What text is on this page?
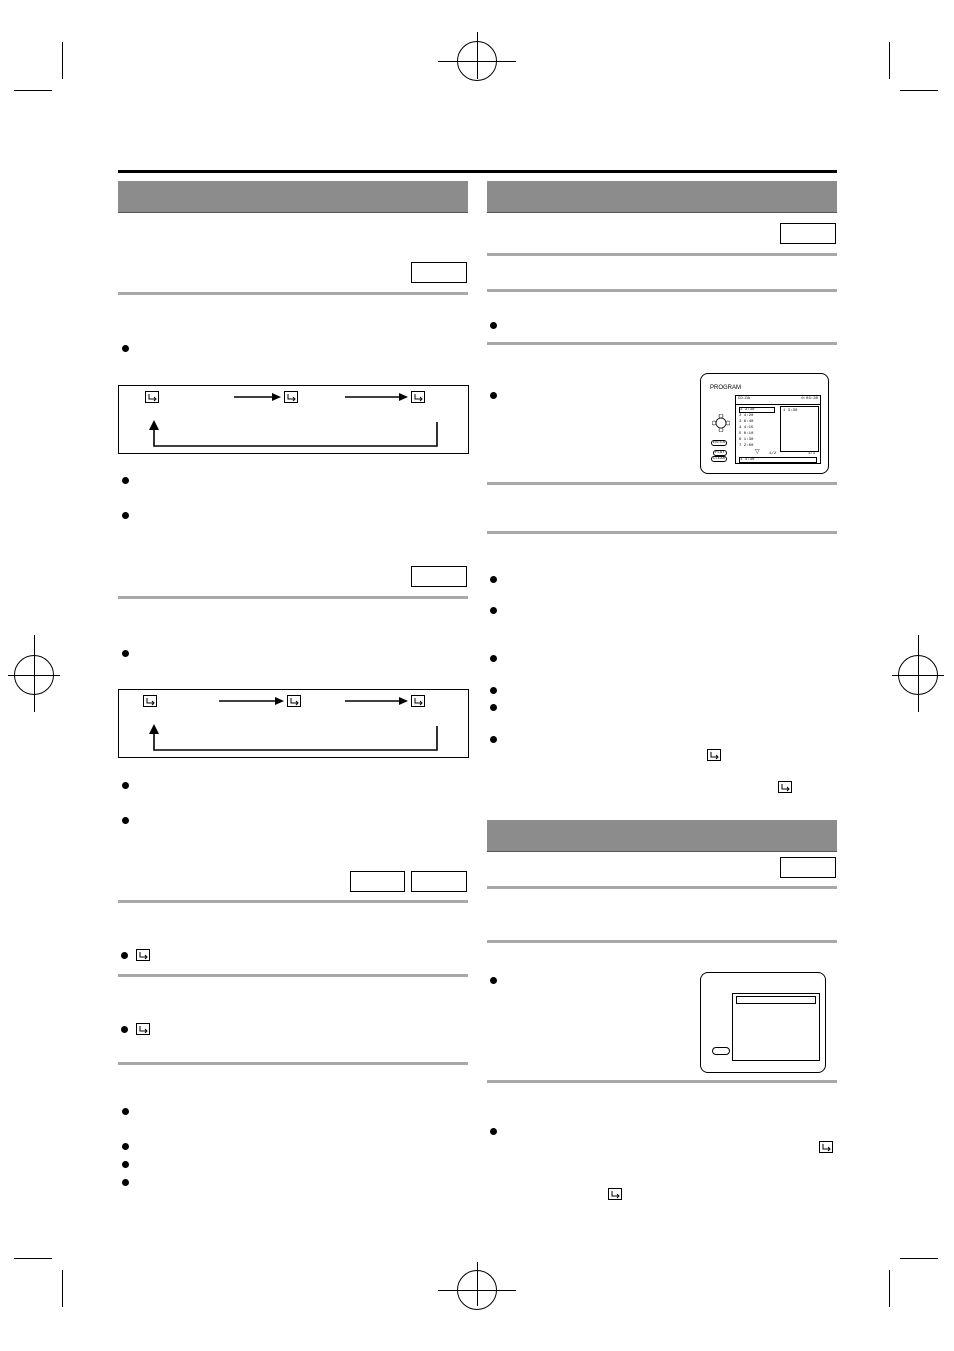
PROGRAM
CD-DA	0:03:30
1 3:30
2 4:20
3 6:40
4 4:15
5 0:10
6 1:30
7 2:00
1 3:30
1/2	1/1
▽
1 3:30
ENTER
PLAY
CLEAR
